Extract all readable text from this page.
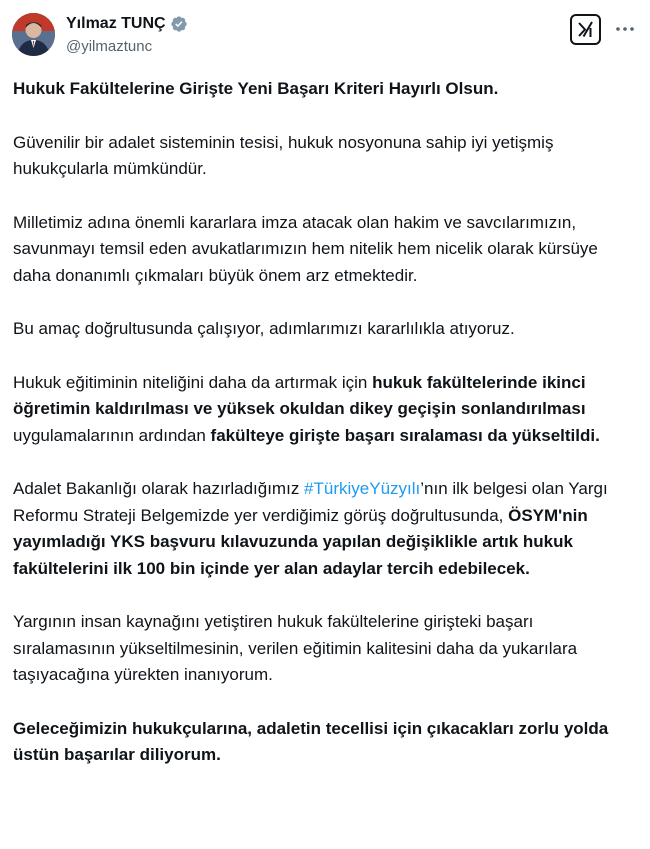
Yılmaz TUNÇ
@yilmaztunc

Hukuk Fakültelerine Girişte Yeni Başarı Kriteri Hayırlı Olsun.

Güvenilir bir adalet sisteminin tesisi, hukuk nosyonuna sahip iyi yetişmiş hukukçularla mümkündür.

Milletimiz adına önemli kararlara imza atacak olan hakim ve savcılarımızın, savunmayı temsil eden avukatlarımızın hem nitelik hem nicelik olarak kürsüye daha donanımlı çıkmaları büyük önem arz etmektedir.

Bu amaç doğrultusunda çalışıyor, adımlarımızı kararlılıkla atıyoruz.

Hukuk eğitiminin niteliğini daha da artırmak için hukuk fakültelerinde ikinci öğretimin kaldırılması ve yüksek okuldan dikey geçişin sonlandırılması uygulamalarının ardından fakülteye girişte başarı sıralaması da yükseltildi.

Adalet Bakanlığı olarak hazırladığımız #TürkiyeYüzyılı’nın ilk belgesi olan Yargı Reformu Strateji Belgemizde yer verdiğimiz görüş doğrultusunda, ÖSYM'nin yayımladığı YKS başvuru kılavuzunda yapılan değişiklikle artık hukuk fakültelerini ilk 100 bin içinde yer alan adaylar tercih edebilecek.

Yargının insan kaynağını yetiştiren hukuk fakültelerine girişteki başarı sıralamasının yükseltilmesinin, verilen eğitimin kalitesini daha da yukarılara taşıyacağına yürekten inanıyorum.

Geleceğimizin hukukçularına, adaletin tecellisi için çıkacakları zorlu yolda üstün başarılar diliyorum.
